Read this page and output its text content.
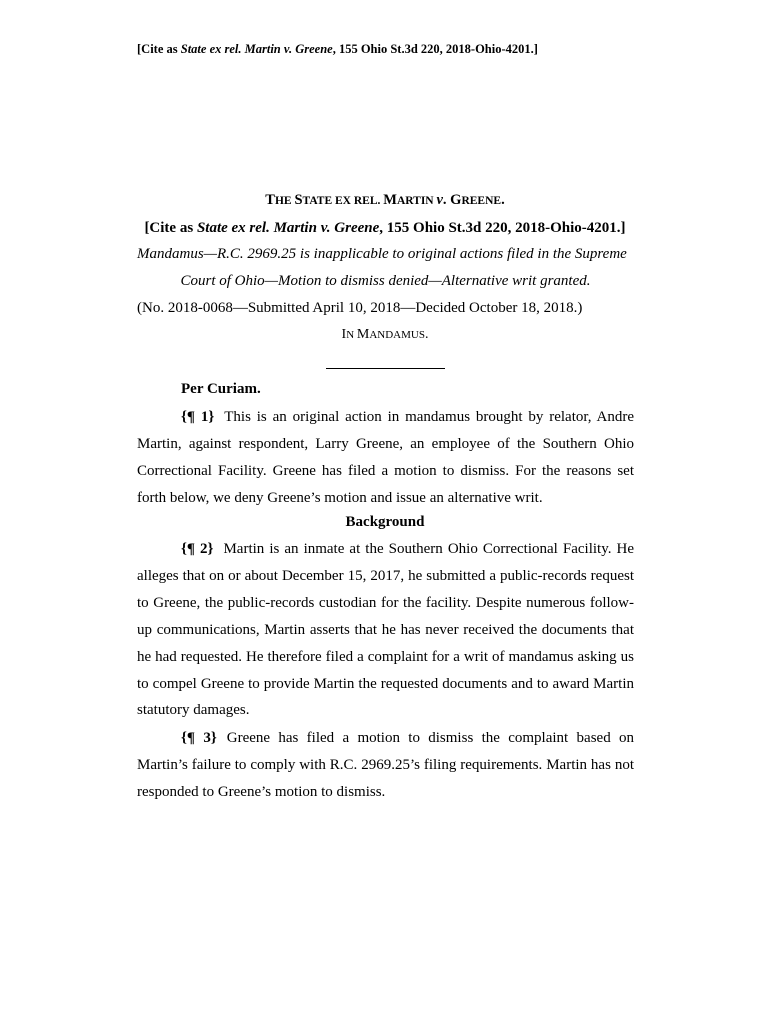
[Cite as State ex rel. Martin v. Greene, 155 Ohio St.3d 220, 2018-Ohio-4201.]
THE STATE EX REL. MARTIN v. GREENE.
[Cite as State ex rel. Martin v. Greene, 155 Ohio St.3d 220, 2018-Ohio-4201.]
Mandamus—R.C. 2969.25 is inapplicable to original actions filed in the Supreme
Court of Ohio—Motion to dismiss denied—Alternative writ granted.
(No. 2018-0068—Submitted April 10, 2018—Decided October 18, 2018.)
IN MANDAMUS.
Per Curiam.
{¶ 1} This is an original action in mandamus brought by relator, Andre Martin, against respondent, Larry Greene, an employee of the Southern Ohio Correctional Facility. Greene has filed a motion to dismiss. For the reasons set forth below, we deny Greene’s motion and issue an alternative writ.
Background
{¶ 2} Martin is an inmate at the Southern Ohio Correctional Facility. He alleges that on or about December 15, 2017, he submitted a public-records request to Greene, the public-records custodian for the facility. Despite numerous follow-up communications, Martin asserts that he has never received the documents that he had requested. He therefore filed a complaint for a writ of mandamus asking us to compel Greene to provide Martin the requested documents and to award Martin statutory damages.
{¶ 3} Greene has filed a motion to dismiss the complaint based on Martin’s failure to comply with R.C. 2969.25’s filing requirements. Martin has not responded to Greene’s motion to dismiss.
